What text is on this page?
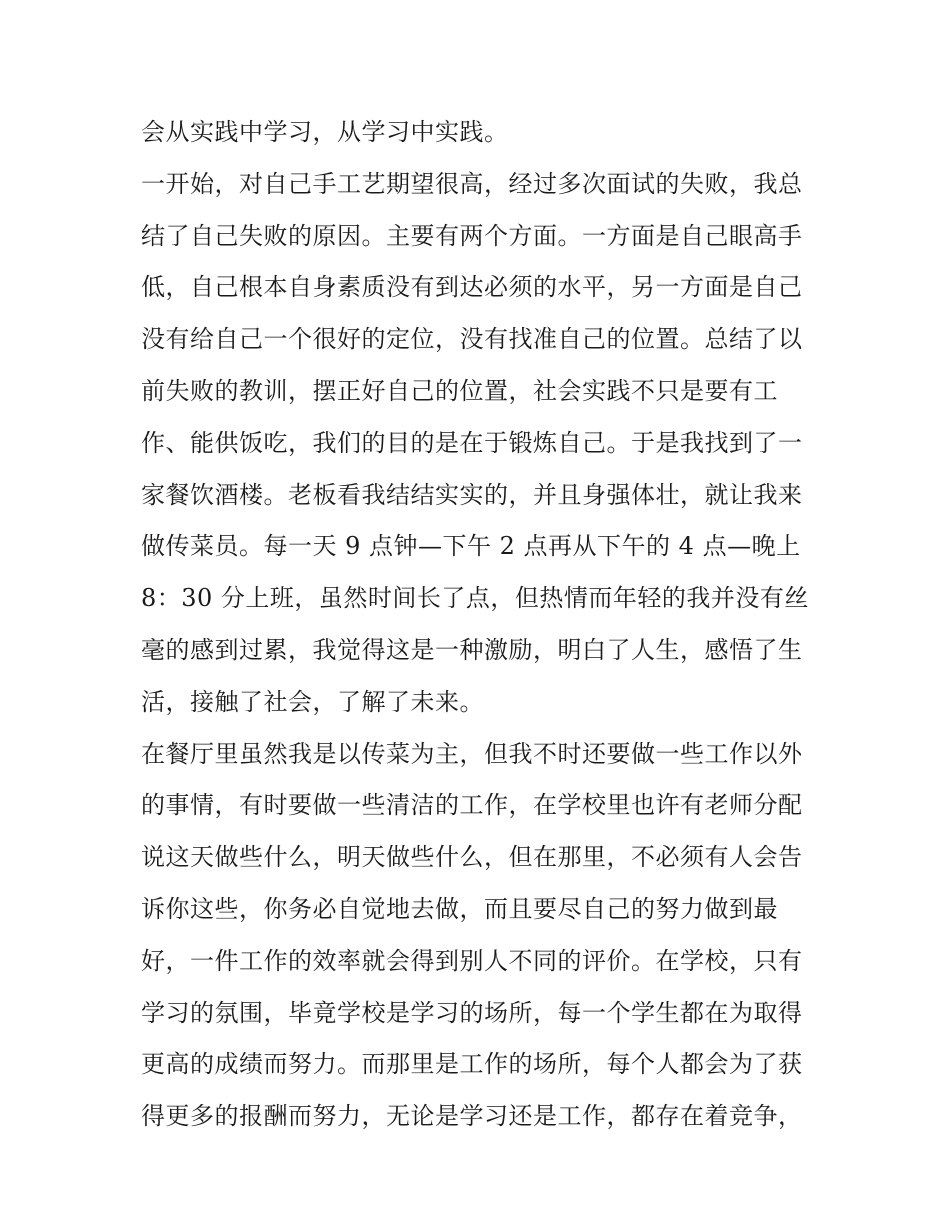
会从实践中学习，从学习中实践。
一开始，对自己手工艺期望很高，经过多次面试的失败，我总
结了自己失败的原因。主要有两个方面。一方面是自己眼高手
低，自己根本自身素质没有到达必须的水平，另一方面是自己
没有给自己一个很好的定位，没有找准自己的位置。总结了以
前失败的教训，摆正好自己的位置，社会实践不只是要有工
作、能供饭吃，我们的目的是在于锻炼自己。于是我找到了一
家餐饮酒楼。老板看我结结实实的，并且身强体壮，就让我来
做传菜员。每一天 9 点钟—下午 2 点再从下午的 4 点—晚上
8：30 分上班，虽然时间长了点，但热情而年轻的我并没有丝
毫的感到过累，我觉得这是一种激励，明白了人生，感悟了生
活，接触了社会，了解了未来。
在餐厅里虽然我是以传菜为主，但我不时还要做一些工作以外
的事情，有时要做一些清洁的工作，在学校里也许有老师分配
说这天做些什么，明天做些什么，但在那里，不必须有人会告
诉你这些，你务必自觉地去做，而且要尽自己的努力做到最
好，一件工作的效率就会得到别人不同的评价。在学校，只有
学习的氛围，毕竟学校是学习的场所，每一个学生都在为取得
更高的成绩而努力。而那里是工作的场所，每个人都会为了获
得更多的报酬而努力，无论是学习还是工作，都存在着竞争，
